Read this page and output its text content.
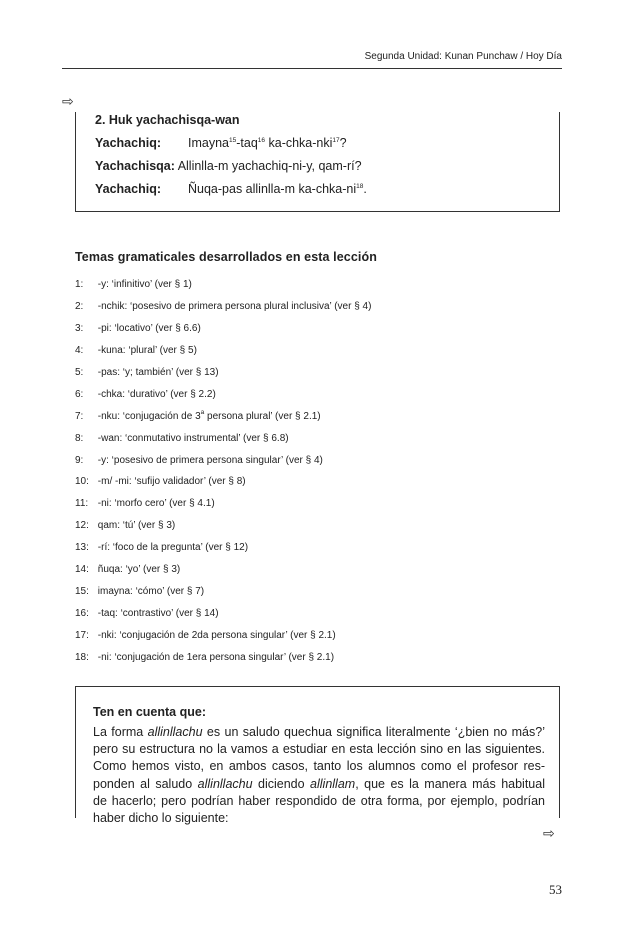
Segunda Unidad: Kunan Punchaw / Hoy Día
⇨
2. Huk yachachisqa-wan
Yachachiq: Imayna$^{15}$-taq$^{16}$ ka-chka-nki$^{17}$?
Yachachisqa: Allinlla-m yachachiq-ni-y, qam-rí?
Yachachiq: Ñuqa-pas allinlla-m $ka-chka-ni^{18}$.
Temas gramaticales desarrollados en esta lección
1: -y: ‘infinitivo’ (ver § 1)
2: -nchik: ‘posesivo de primera persona plural inclusiva’ (ver § 4)
3: -pi: ‘locativo’ (ver § 6.6)
4: -kuna: ‘plural’ (ver § 5)
5: -pas: ‘y; también’ (ver § 13)
6: -chka: ‘durativo’ (ver § 2.2)
7: -nku: ‘conjugación de 3$^a$ persona plural’ (ver § 2.1)
8: -wan: ‘conmutativo instrumental’ (ver § 6.8)
9: -y: ‘posesivo de primera persona singular’ (ver § 4)
10: -m/ -mi: ‘sufijo validador’ (ver § 8)
11: -ni: ‘morfo cero’ (ver § 4.1)
12: qam: ‘tú’ (ver § 3)
13: -rí: ‘foco de la pregunta’ (ver § 12)
14: ñuqa: ‘yo’ (ver § 3)
15: imayna: ‘cómo’ (ver § 7)
16: -taq: ‘contrastivo’ (ver § 14)
17: -nki: ‘conjugación de 2da persona singular’ (ver § 2.1)
18: -ni: ‘conjugación de 1era persona singular’ (ver § 2.1)
Ten en cuenta que:
La forma allinllachu es un saludo quechua significa literalmente ‘¿bien no más?’
pero su estructura no la vamos a estudiar en esta lección sino en las siguientes.
Como hemos visto, en ambos casos, tanto los alumnos como el profesor res-
ponden al saludo allinllachu diciendo allinllam, que es la manera más habitual
de hacerlo; pero podrían haber respondido de otra forma, por ejemplo, podrían
haber dicho lo siguiente:
⇨
53
